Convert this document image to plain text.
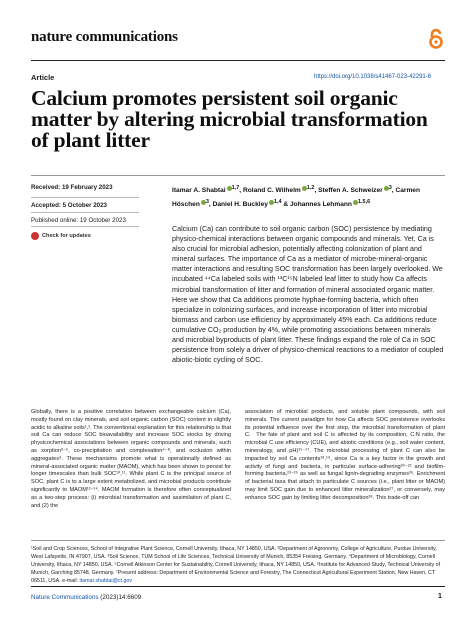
nature communications
Article	https://doi.org/10.1038/s41467-023-42291-6
Calcium promotes persistent soil organic matter by altering microbial transformation of plant litter
Received: 19 February 2023
Accepted: 5 October 2023
Published online: 19 October 2023
Check for updates
Itamar A. Shabtai $^{1,7}$, Roland C. Wilhelm $^{1,2}$, Steffen A. Schweizer $^3$, Carmen Höschen $^3$, Daniel H. Buckley $^{1,4}$ & Johannes Lehmann $^{1,5,6}$

Calcium (Ca) can contribute to soil organic carbon (SOC) persistence by mediating physico-chemical interactions between organic compounds and minerals. Yet, Ca is also crucial for microbial adhesion, potentially affecting colonization of plant and mineral surfaces. The importance of Ca as a mediator of microbe-mineral-organic matter interactions and resulting SOC transformation has been largely overlooked. We incubated ⁴⁴Ca labeled soils with ¹³C¹⁵N labeled leaf litter to study how Ca affects microbial transformation of litter and formation of mineral associated organic matter. Here we show that Ca additions promote hyphae-forming bacteria, which often specialize in colonizing surfaces, and increase incorporation of litter into microbial biomass and carbon use efficiency by approximately 45% each. Ca additions reduce cumulative CO₂ production by 4%, while promoting associations between minerals and microbial byproducts of plant litter. These findings expand the role of Ca in SOC persistence from solely a driver of physico-chemical reactions to a mediator of coupled abiotic-biotic cycling of SOC.

Globally, there is a positive correlation between exchangeable calcium (Ca), mostly found on clay minerals, and soil organic carbon (SOC) content in slightly acidic to alkaline soils¹,². The conventional explanation for this relationship is that soil Ca can reduce SOC bioavailability and increase SOC stocks by driving physicochemical associations between organic compounds and minerals, such as sorption³⁻⁵, co-precipitation and complexation⁶⁻⁸, and occlusion within aggregates⁹. These mechanisms promote what is operationally defined as mineral-associated organic matter (MAOM), which has been shown to persist for longer timescales than bulk SOC¹⁰,¹¹. While plant C is the principal source of SOC, plant C is to a large extent metabolized, and microbial products contribute significantly to MAOM¹²⁻¹⁴. MAOM formation is therefore often conceptualized as a two-step process: (i) microbial transformation and assimilation of plant C, and (2) the

association of microbial products, and soluble plant compounds, with soil minerals. The current paradigm for how Ca affects SOC persistence overlooks its potential influence over the first step, the microbial transformation of plant C. The fate of plant and soil C is affected by its composition, C:N ratio, the microbial C use efficiency (CUE), and abiotic conditions (e.g., soil water content, mineralogy, and pH)¹⁵⁻¹⁷. The microbial processing of plant C can also be impacted by soil Ca contents¹⁸,¹⁹, since Ca is a key factor in the growth and activity of fungi and bacteria, in particular surface-adhering²⁰⁻²² and biofilm-forming bacteria,²³⁻²⁵ as well as fungal lignin-degrading enzymes²⁶. Enrichment of bacterial taxa that attach to particulate C sources (i.e., plant litter or MAOM) may limit SOC gain due to enhanced litter mineralization²⁷, or conversely, may enhance SOC gain by limiting litter decomposition²⁸. This trade-off can

¹Soil and Crop Sciences, School of Integrative Plant Science, Cornell University, Ithaca, NY 14850, USA. ²Department of Agronomy, College of Agriculture, Purdue University, West Lafayette, IN 47907, USA. ³Soil Science, TUM School of Life Sciences, Technical University of Munich, 85354 Freising, Germany. ⁴Department of Microbiology, Cornell University, Ithaca, NY 14850, USA. ⁵Cornell Atkinson Center for Sustainability, Cornell University, Ithaca, NY 14850, USA. ⁶Institute for Advanced Study, Technical University of Munich, Garching 85748, Germany. ⁷Present address: Department of Environmental Science and Forestry, The Connecticut Agricultural Experiment Station, New Haven, CT 06511, USA. e-mail: itamar.shabtai@ct.gov

Nature Communications (2023)14:6609	1
